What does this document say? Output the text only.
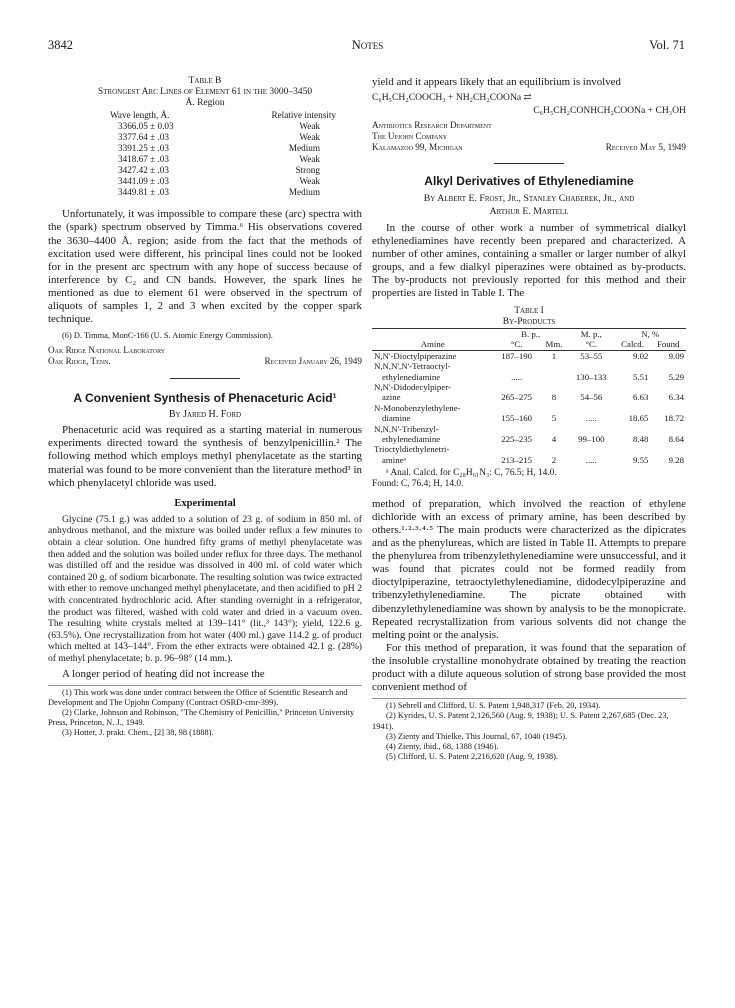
3842	Notes	Vol. 71
Table B
Strongest Arc Lines of Element 61 in the 3000–3450
Å. Region
Wave length, Å.	Relative intensity
3366.05 ± 0.03	Weak
3377.64 ± .03	Weak
3391.25 ± .03	Medium
3418.67 ± .03	Weak
3427.42 ± .03	Strong
3441.09 ± .03	Weak
3449.81 ± .03	Medium

Unfortunately, it was impossible to compare these (arc) spectra with the (spark) spectrum observed by Timma.⁶ His observations covered the 3630–4400 Å. region; aside from the fact that the methods of excitation used were different, his principal lines could not be looked for in the present arc spectrum with any hope of success because of interference by C₂ and CN bands. However, the spark lines he mentioned as due to element 61 were observed in the spectrum of aliquots of samples 1, 2 and 3 when excited by the copper spark technique.

(6) D. Timma, MonC-166 (U. S. Atomic Energy Commission).

Oak Ridge National Laboratory
Oak Ridge, Tenn.	Received January 26, 1949
A Convenient Synthesis of Phenaceturic Acid¹
By Jared H. Ford

Phenaceturic acid was required as a starting material in numerous experiments directed toward the synthesis of benzylpenicillin.² The following method which employs methyl phenylacetate as the starting material was found to be more convenient than the literature method³ in which phenylacetyl chloride was used.

Experimental

Glycine (75.1 g.) was added to a solution of 23 g. of sodium in 850 ml. of anhydrous methanol, and the mixture was boiled under reflux a few minutes to obtain a clear solution. One hundred fifty grams of methyl phenylacetate was then added and the solution was boiled under reflux for three days. The methanol was distilled off and the residue was dissolved in 400 ml. of cold water which contained 20 g. of sodium bicarbonate. The resulting solution was twice extracted with ether to remove unchanged methyl phenylacetate, and then acidified to pH 2 with concentrated hydrochloric acid. After standing overnight in a refrigerator, the product was filtered, washed with cold water and dried in a vacuum oven. The resulting white crystals melted at 139–141° (lit.,³ 143°); yield, 122.6 g. (63.5%). One recrystallization from hot water (400 ml.) gave 114.2 g. of product which melted at 143–144°. From the ether extracts were obtained 42.1 g. (28%) of methyl phenylacetate; b. p. 96–98° (14 mm.).

A longer period of heating did not increase the

(1) This work was done under contract between the Office of Scientific Research and Development and The Upjohn Company (Contract OSRD-cmr-399).

(2) Clarke, Johnson and Robinson, "The Chemistry of Penicillin," Princeton University Press, Princeton, N. J., 1949.

(3) Hotter, J. prakt. Chem., [2] 38, 98 (1888).

yield and it appears likely that an equilibrium is involved

C₆H₅CH₂COOCH₃ + NH₂CH₂COONa ⇄
C₆H₅CH₂CONHCH₂COONa + CH₃OH
Antibiotics Research Department
The Upjohn Company
Kalamazoo 99, Michigan	Received May 5, 1949
Alkyl Derivatives of Ethylenediamine
By Albert E. Frost, Jr., Stanley Chaberek, Jr., and
Arthur E. Martell

In the course of other work a number of symmetrical dialkyl ethylenediamines have recently been prepared and characterized. A number of other amines, containing a smaller or larger number of alkyl groups, and a few dialkyl piperazines were obtained as by-products. The by-products not previously reported for this method and their properties are listed in Table I. The

Table I
By-Products
	B. p.,		M. p.,	N, %	
Amine	°C.	Mm.	°C.	Calcd.	Found
N,N'-Dioctylpiperazine	187–190	1	53–55	9.02	9.09
N,N,N',N'-Tetraoctyl-					
ethylenediamine	.....		130–133	5.51	5.29
N,N'-Didodecylpiper-					
azine	265–275	8	54–56	6.63	6.34
N-Monobenzylethylene-					
diamine	155–160	5	.....	18.65	18.72
N,N,N'-Tribenzyl-					
ethylenediamine	225–235	4	99–100	8.48	8.64
Trioctyldiethylenetri-					
amineᵃ	213–215	2	.....	9.55	9.28
ᵃ Anal. Calcd. for C₂₈H₆₁N₃: C, 76.5; H, 14.0.
Found: C, 76.4; H, 14.0.

method of preparation, which involved the reaction of ethylene dichloride with an excess of primary amine, has been described by others.¹·²·³·⁴·⁵ The main products were characterized as the dipicrates and as the phenylureas, which are listed in Table II. Attempts to prepare the phenylurea from tribenzylethylenediamine were unsuccessful, and it was found that picrates could not be formed readily from dioctylpiperazine, tetraoctylethylenediamine, didodecylpiperazine and tribenzylethylenediamine. The picrate obtained with dibenzylethylenediamine was shown by analysis to be the monopicrate. Repeated recrystallization from various solvents did not change the melting point or the analysis.

For this method of preparation, it was found that the separation of the insoluble crystalline monohydrate obtained by treating the reaction product with a dilute aqueous solution of strong base provided the most convenient method of

(1) Sebrell and Clifford, U. S. Patent 1,948,317 (Feb. 20, 1934).

(2) Kyrides, U. S. Patent 2,126,560 (Aug. 9, 1938); U. S. Patent 2,267,685 (Dec. 23, 1941).

(3) Zienty and Thielke, This Journal, 67, 1040 (1945).

(4) Zienty, ibid., 68, 1388 (1946).

(5) Clifford, U. S. Patent 2,216,620 (Aug. 9, 1938).
